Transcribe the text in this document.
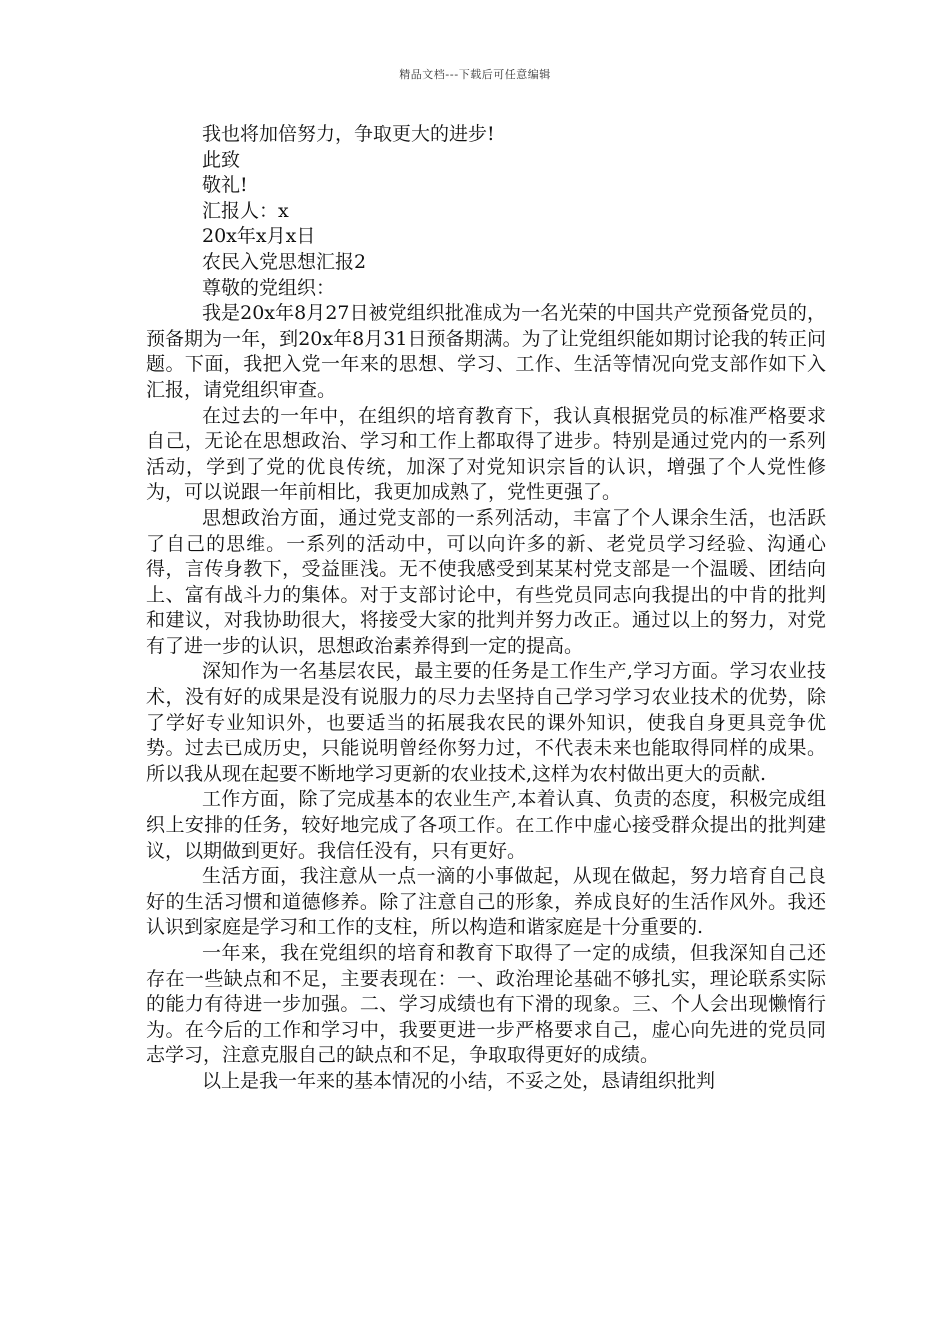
精品文档---下载后可任意编辑

我也将加倍努力，争取更大的进步!

此致

敬礼!

汇报人：x

20x年x月x日

农民入党思想汇报2

尊敬的党组织：

我是20x年8月27日被党组织批准成为一名光荣的中国共产党预备党员的，预备期为一年，到20x年8月31日预备期满。为了让党组织能如期讨论我的转正问题。下面，我把入党一年来的思想、学习、工作、生活等情况向党支部作如下入汇报，请党组织审查。

在过去的一年中，在组织的培育教育下，我认真根据党员的标准严格要求自己，无论在思想政治、学习和工作上都取得了进步。特别是通过党内的一系列活动，学到了党的优良传统，加深了对党知识宗旨的认识，增强了个人党性修为，可以说跟一年前相比，我更加成熟了，党性更强了。

思想政治方面，通过党支部的一系列活动，丰富了个人课余生活，也活跃了自己的思维。一系列的活动中，可以向许多的新、老党员学习经验、沟通心得，言传身教下，受益匪浅。无不使我感受到某某村党支部是一个温暖、团结向上、富有战斗力的集体。对于支部讨论中，有些党员同志向我提出的中肯的批判和建议，对我协助很大，将接受大家的批判并努力改正。通过以上的努力，对党有了进一步的认识，思想政治素养得到一定的提高。

深知作为一名基层农民，最主要的任务是工作生产,学习方面。学习农业技术，没有好的成果是没有说服力的尽力去坚持自己学习学习农业技术的优势，除了学好专业知识外，也要适当的拓展我农民的课外知识，使我自身更具竞争优势。过去已成历史，只能说明曾经你努力过，不代表未来也能取得同样的成果。所以我从现在起要不断地学习更新的农业技术,这样为农村做出更大的贡献.

工作方面，除了完成基本的农业生产,本着认真、负责的态度，积极完成组织上安排的任务，较好地完成了各项工作。在工作中虚心接受群众提出的批判建议，以期做到更好。我信任没有，只有更好。

生活方面，我注意从一点一滴的小事做起，从现在做起，努力培育自己良好的生活习惯和道德修养。除了注意自己的形象，养成良好的生活作风外。我还认识到家庭是学习和工作的支柱，所以构造和谐家庭是十分重要的.

一年来，我在党组织的培育和教育下取得了一定的成绩，但我深知自己还存在一些缺点和不足，主要表现在：一、政治理论基础不够扎实，理论联系实际的能力有待进一步加强。二、学习成绩也有下滑的现象。三、个人会出现懒惰行为。在今后的工作和学习中，我要更进一步严格要求自己，虚心向先进的党员同志学习，注意克服自己的缺点和不足，争取取得更好的成绩。

以上是我一年来的基本情况的小结，不妥之处，恳请组织批判
